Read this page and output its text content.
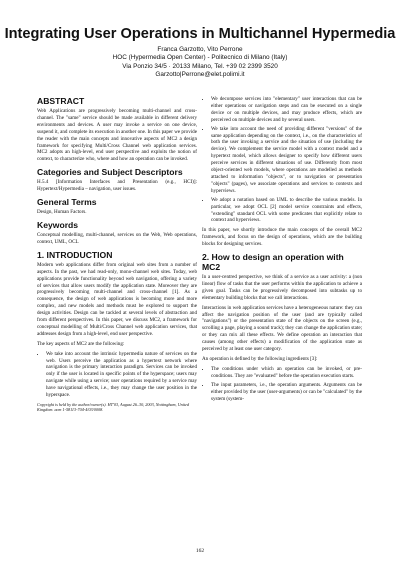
Integrating User Operations in Multichannel Hypermedia
Franca Garzotto, Vito Perrone
HOC (Hypermedia Open Center) - Politecnico di Milano (Italy)
Via Ponzio 34/5 · 20133 Milano, Tel. +39 02 2399 3520
Garzotto|Perrone@elet.polimi.it
ABSTRACT

Web Applications are progressively becoming multi-channel and cross-channel. The "same" service should be made available in different delivery environments and devices. A user may invoke a service on one device, suspend it, and complete its execution in another one. In this paper we provide the reader with the main concepts and innovative aspects of MC2 a design framework for specifying Multi/Cross Channel web application services. MC2 adopts an high-level, end user perspective and exploits the notion of context, to characterize who, where and how an operation can be invoked.

Categories and Subject Descriptors

H.5.4 [Information Interfaces and Presentation (e.g., HCI)]: Hypertext/Hypermedia – navigation, user issues.

General Terms

Design, Human Factors.

Keywords

Conceptual modelling, multi-channel, services on the Web, Web operations, context, UML, OCL

1. INTRODUCTION

Modern web applications differ from original web sites from a number of aspects. In the past, we had read-only, mono-channel web sites. Today, web applications provide functionality beyond web navigation, offering a variety of services that allow users modify the application state. Moreover they are progressively becoming multi-channel and cross-channel [1]. As a consequence, the design of web applications is becoming more and more complex, and new models and methods must be explored to support the design activities. Design can be tackled at several levels of abstraction and from different perspectives. In this paper, we discuss MC2, a framework for conceptual modelling of Multi/Cross Channel web application services, that addresses design from a high-level, end user perspective.

The key aspects of MC2 are the following:

• We take into account the intrinsic hypermedia nature of services on the web. Users perceive the application as a hypertext network where navigation is the primary interaction paradigm. Services can be invoked only if the user is located in specific points of the hyperspace; users may navigate while using a service; user operations required by a service may have navigational effects, i.e., they may change the user position in the hyperspace.
Copyright is held by the author/owner(s). HT'03, August 26–30, 2003, Nottingham, United Kingdom. acm 1-58113-704-4/03/0008.
• We decompose services into "elementary" user interactions that can be either operations or navigation steps and can be executed on a single device or on multiple devices, and may produce effects, which are perceived on multiple devices and by several users.
• We take into account the need of providing different "versions" of the same application depending on the context, i.e., on the characteristics of both the user invoking a service and the situation of use (including the device). We complement the service model with a context model and a hypertext model, which allows designer to specify how different users perceive services in different situations of use. Differently from most object-oriented web models, where operations are modelled as methods attached to information "objects", or to navigation or presentation "objects" (pages), we associate operations and services to contexts and hyperviews.
• We adopt a notation based on UML to describe the various models. In particular, we adopt OCL [2] model service constraints and effects, "extending" standard OCL with some predicates that explicitly relate to context and hyperviews.

In this paper, we shortly introduce the main concepts of the overall MC2 framework, and focus on the design of operations, which are the building blocks for designing services.

2. How to design an operation with MC2

In a user-centred perspective, we think of a service as a user activity: a (non linear) flow of tasks that the user performs within the application to achieve a given goal. Tasks can be progressively decomposed into subtasks up to elementary building blocks that we call interactions.

Interactions in web application services have a heterogeneous nature: they can affect the navigation position of the user (and are typically called "navigations") or the presentation state of the objects on the screen (e.g., scrolling a page, playing a sound track); they can change the application state; or they can mix all these effects. We define operation an interaction that causes (among other effects) a modification of the application state as perceived by at least one user category.

An operation is defined by the following ingredients [3]:

• The conditions under which an operation can be invoked, or pre-conditions. They are "evaluated" before the operation execution starts.
• The input parameters, i.e., the operation arguments. Arguments can be either provided by the user (user-arguments) or can be "calculated" by the system (system-
162
